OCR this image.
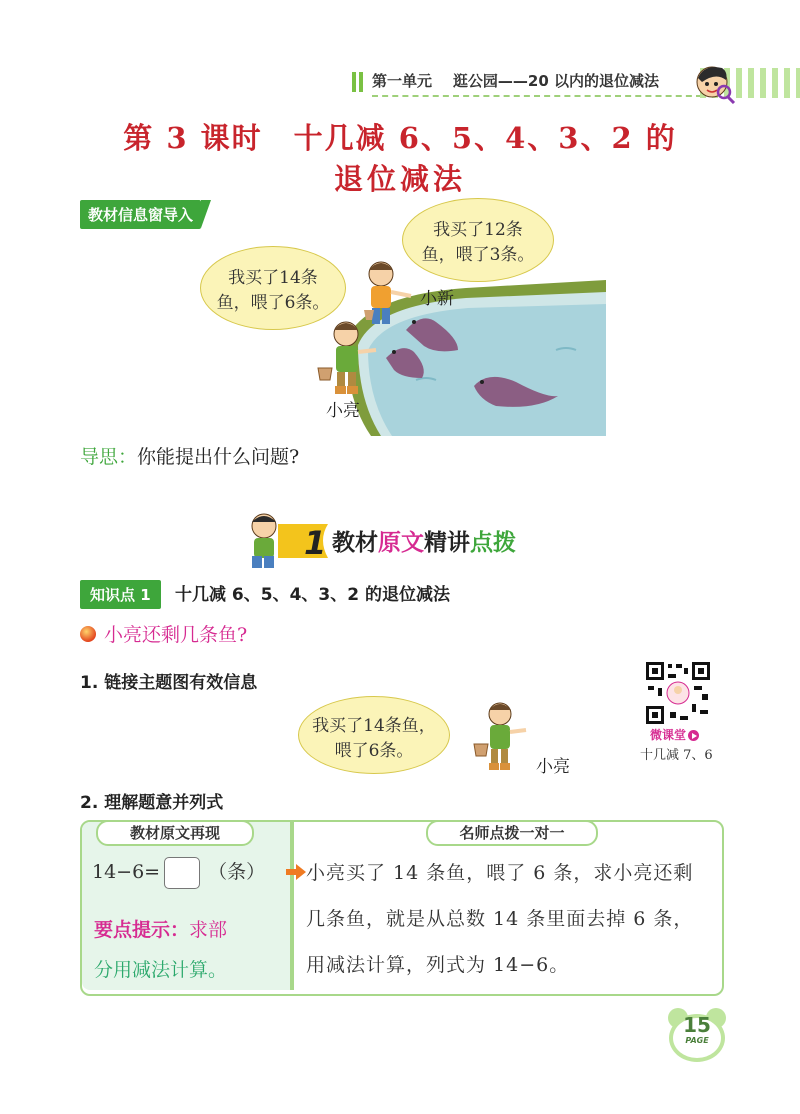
第一单元 逛公园——20 以内的退位减法
第 3 课时　十几减 6、5、4、3、2 的
退位减法
教材信息窗导入
我买了14条
鱼，喂了6条。
我买了12条
鱼，喂了3条。
小新
小亮
导思：你能提出什么问题?
1 教材原文精讲点拨
知识点 1	十几减 6、5、4、3、2 的退位减法
小亮还剩几条鱼?
1. 链接主题图有效信息
我买了14条鱼，
喂了6条。
小亮
微课堂
十几减 7、6
2. 理解题意并列式
教材原文再现	名师点拨一对一
14−6=	（条）
要点提示：求部
分用减法计算。
小亮买了 14 条鱼，喂了 6 条，求小亮还剩几条鱼，就是从总数 14 条里面去掉 6 条，用减法计算，列式为 14−6。
15
PAGE
